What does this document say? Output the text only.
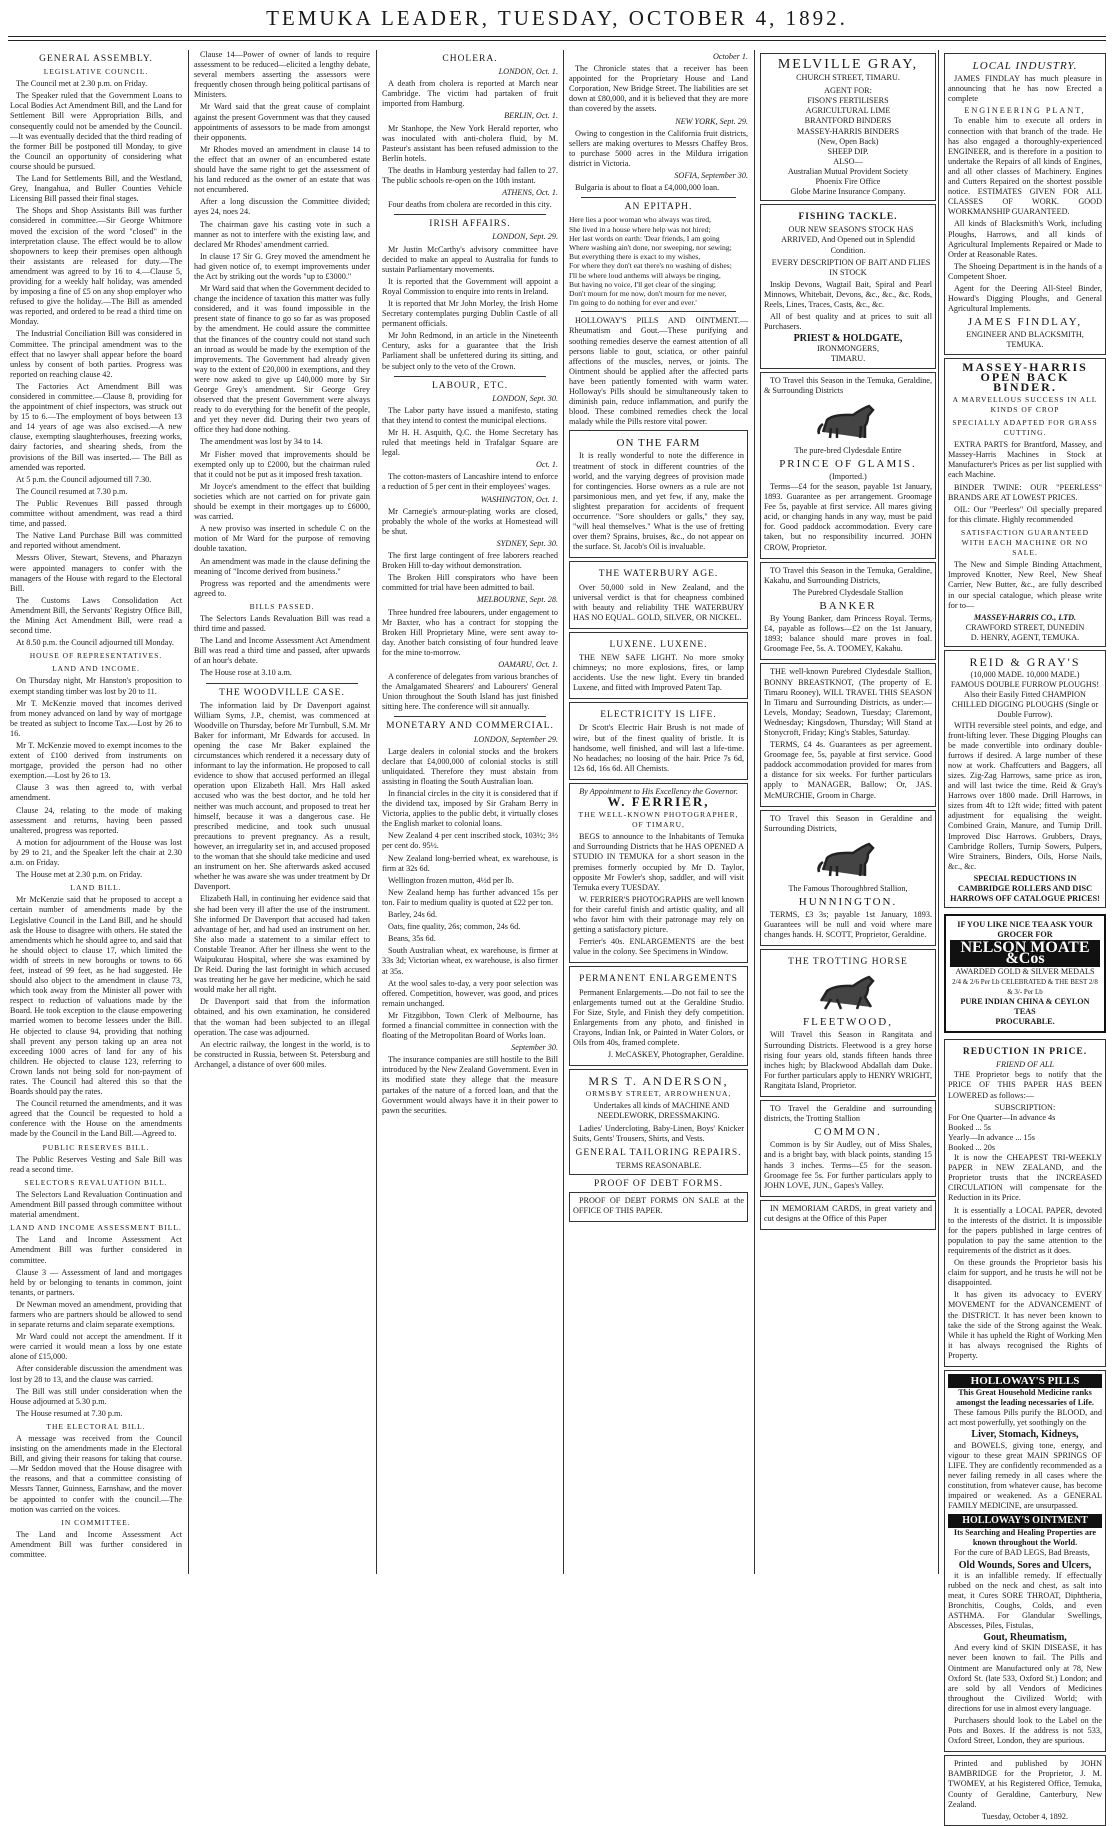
TEMUKA LEADER, TUESDAY, OCTOBER 4, 1892.
GENERAL ASSEMBLY.
LEGISLATIVE COUNCIL.

The Council met at 2.30 p.m. on Friday.

The Speaker ruled that the Government Loans to Local Bodies Act Amendment Bill, and the Land for Settlement Bill were Appropriation Bills, and consequently could not be amended by the Council.—It was eventually decided that the third reading of the former Bill be postponed till Monday, to give the Council an opportunity of considering what course should be pursued.

The Land for Settlements Bill, and the Westland, Grey, Inangahua, and Buller Counties Vehicle Licensing Bill passed their final stages.

The Shops and Shop Assistants Bill was further considered in committee.—Sir George Whitmore moved the excision of the word "closed" in the interpretation clause. The effect would be to allow shopowners to keep their premises open although their assistants are released for duty.—The amendment was agreed to by 16 to 4.—Clause 5, providing for a weekly half holiday, was amended by imposing a fine of £5 on any shop employer who refused to give the holiday.—The Bill as amended was reported, and ordered to be read a third time on Monday.

The Industrial Conciliation Bill was considered in Committee. The principal amendment was to the effect that no lawyer shall appear before the board unless by consent of both parties. Progress was reported on reaching clause 42.

The Factories Act Amendment Bill was considered in committee.—Clause 8, providing for the appointment of chief inspectors, was struck out by 15 to 6.—The employment of boys between 13 and 14 years of age was also excised.—A new clause, exempting slaughterhouses, freezing works, dairy factories, and shearing sheds, from the provisions of the Bill was inserted.— The Bill as amended was reported.

At 5 p.m. the Council adjourned till 7.30.

The Council resumed at 7.30 p.m.

The Public Revenues Bill passed through committee without amendment, was read a third time, and passed.

The Native Land Purchase Bill was committed and reported without amendment.

Messrs Oliver, Stewart, Stevens, and Pharazyn were appointed managers to confer with the managers of the House with regard to the Electoral Bill.

The Customs Laws Consolidation Act Amendment Bill, the Servants' Registry Office Bill, the Mining Act Amendment Bill, were read a second time.

At 8.50 p.m. the Council adjourned till Monday.

HOUSE OF REPRESENTATIVES.
LAND AND INCOME.

On Thursday night, Mr Hanston's proposition to exempt standing timber was lost by 20 to 11.

Mr T. McKenzie moved that incomes derived from money advanced on land by way of mortgage be treated as subject to Income Tax.—Lost by 26 to 16.

Mr T. McKenzie moved to exempt incomes to the extent of £100 derived from instruments on mortgage, provided the person had no other exemption.—Lost by 26 to 13.

Clause 3 was then agreed to, with verbal amendment.

Clause 24, relating to the mode of making assessment and returns, having been passed unaltered, progress was reported.

A motion for adjournment of the House was lost by 29 to 21, and the Speaker left the chair at 2.30 a.m. on Friday.

The House met at 2.30 p.m. on Friday.

LAND BILL.

Mr McKenzie said that he proposed to accept a certain number of amendments made by the Legislative Council in the Land Bill, and he should ask the House to disagree with others. He stated the amendments which he should agree to, and said that he should object to clause 17, which limited the width of streets in new boroughs or towns to 66 feet, instead of 99 feet, as he had suggested. He should also object to the amendment in clause 73, which took away from the Minister all power with respect to reduction of valuations made by the Board. He took exception to the clause empowering married women to become lessees under the Bill. He objected to clause 94, providing that nothing shall prevent any person taking up an area not exceeding 1000 acres of land for any of his children. He objected to clause 123, referring to Crown lands not being sold for non-payment of rates. The Council had altered this so that the Boards should pay the rates.

The Council returned the amendments, and it was agreed that the Council be requested to hold a conference with the House on the amendments made by the Council in the Land Bill.—Agreed to.

PUBLIC RESERVES BILL.

The Public Reserves Vesting and Sale Bill was read a second time.

SELECTORS REVALUATION BILL.

The Selectors Land Revaluation Continuation and Amendment Bill passed through committee without material amendment.

LAND AND INCOME ASSESSMENT BILL.

The Land and Income Assessment Act Amendment Bill was further considered in committee.

Clause 3 — Assessment of land and mortgages held by or belonging to tenants in common, joint tenants, or partners.

Dr Newman moved an amendment, providing that farmers who are partners should be allowed to send in separate returns and claim separate exemptions.

Mr Ward could not accept the amendment. If it were carried it would mean a loss by one estate alone of £15,000.

After considerable discussion the amendment was lost by 28 to 13, and the clause was carried.

The Bill was still under consideration when the House adjourned at 5.30 p.m.

The House resumed at 7.30 p.m.

THE ELECTORAL BILL.

A message was received from the Council insisting on the amendments made in the Electoral Bill, and giving their reasons for taking that course.—Mr Seddon moved that the House disagree with the reasons, and that a committee consisting of Messrs Tanner, Guinness, Earnshaw, and the mover be appointed to confer with the council.—The motion was carried on the voices.

IN COMMITTEE.

The Land and Income Assessment Act Amendment Bill was further considered in committee.

Clause 14—Power of owner of lands to require assessment to be reduced—elicited a lengthy debate, several members asserting the assessors were frequently chosen through being political partisans of Ministers.

Mr Ward said that the great cause of complaint against the present Government was that they caused appointments of assessors to be made from amongst their opponents.

Mr Rhodes moved an amendment in clause 14 to the effect that an owner of an encumbered estate should have the same right to get the assessment of his land reduced as the owner of an estate that was not encumbered.

After a long discussion the Committee divided; ayes 24, noes 24.

The chairman gave his casting vote in such a manner as not to interfere with the existing law, and declared Mr Rhodes' amendment carried.

In clause 17 Sir G. Grey moved the amendment he had given notice of, to exempt improvements under the Act by striking out the words "up to £3000."

Mr Ward said that when the Government decided to change the incidence of taxation this matter was fully considered, and it was found impossible in the present state of finance to go so far as was proposed by the amendment. He could assure the committee that the finances of the country could not stand such an inroad as would be made by the exemption of the improvements. The Government had already given way to the extent of £20,000 in exemptions, and they were now asked to give up £40,000 more by Sir George Grey's amendment. Sir George Grey observed that the present Government were always ready to do everything for the benefit of the people, and yet they never did. During their two years of office they had done nothing.

The amendment was lost by 34 to 14.

Mr Fisher moved that improvements should be exempted only up to £2000, but the chairman ruled that it could not be put as it imposed fresh taxation.

Mr Joyce's amendment to the effect that building societies which are not carried on for private gain should be exempt in their mortgages up to £6000, was carried.

A new proviso was inserted in schedule C on the motion of Mr Ward for the purpose of removing double taxation.

An amendment was made in the clause defining the meaning of "Income derived from business."

Progress was reported and the amendments were agreed to.

BILLS PASSED.

The Selectors Lands Revaluation Bill was read a third time and passed.

The Land and Income Assessment Act Amendment Bill was read a third time and passed, after upwards of an hour's debate.

The House rose at 3.10 a.m.

THE WOODVILLE CASE.

The information laid by Dr Davenport against William Syms, J.P., chemist, was commenced at Woodville on Thursday, before Mr Turnbull, S.M. Mr Baker for informant, Mr Edwards for accused. In opening the case Mr Baker explained the circumstances which rendered it a necessary duty of informant to lay the information. He proposed to call evidence to show that accused performed an illegal operation upon Elizabeth Hall. Mrs Hall asked accused who was the best doctor, and he told her neither was much account, and proposed to treat her himself, because it was a dangerous case. He prescribed medicine, and took such unusual precautions to prevent pregnancy. As a result, however, an irregularity set in, and accused proposed to the woman that she should take medicine and used an instrument on her. She afterwards asked accused whether he was aware she was under treatment by Dr Davenport.

Elizabeth Hall, in continuing her evidence said that she had been very ill after the use of the instrument. She informed Dr Davenport that accused had taken advantage of her, and had used an instrument on her. She also made a statement to a similar effect to Constable Treanor. After her illness she went to the Waipukurau Hospital, where she was examined by Dr Reid. During the last fortnight in which accused was treating her he gave her medicine, which he said would make her all right.

Dr Davenport said that from the information obtained, and his own examination, he considered that the woman had been subjected to an illegal operation. The case was adjourned.

An electric railway, the longest in the world, is to be constructed in Russia, between St. Petersburg and Archangel, a distance of over 600 miles.

CHOLERA.
LONDON, Oct. 1.

A death from cholera is reported at March near Cambridge. The victim had partaken of fruit imported from Hamburg.

BERLIN, Oct. 1.

Mr Stanhope, the New York Herald reporter, who was inoculated with anti-cholera fluid, by M. Pasteur's assistant has been refused admission to the Berlin hotels.

The deaths in Hamburg yesterday had fallen to 27. The public schools re-open on the 10th instant.

ATHENS, Oct. 1.

Four deaths from cholera are recorded in this city.

IRISH AFFAIRS.
LONDON, Sept. 29.

Mr Justin McCarthy's advisory committee have decided to make an appeal to Australia for funds to sustain Parliamentary movements.

It is reported that the Government will appoint a Royal Commission to enquire into rents in Ireland.

It is reported that Mr John Morley, the Irish Home Secretary contemplates purging Dublin Castle of all permanent officials.

Mr John Redmond, in an article in the Nineteenth Century, asks for a guarantee that the Irish Parliament shall be unfettered during its sitting, and be subject only to the veto of the Crown.

LABOUR, ETC.
LONDON, Sept. 30.

The Labor party have issued a manifesto, stating that they intend to contest the municipal elections.

Mr H. H. Asquith, Q.C. the Home Secretary has ruled that meetings held in Trafalgar Square are legal.

Oct. 1.

The cotton-masters of Lancashire intend to enforce a reduction of 5 per cent in their employees' wages.

WASHINGTON, Oct. 1.

Mr Carnegie's armour-plating works are closed, probably the whole of the works at Homestead will be shut.

SYDNEY, Sept. 30.

The first large contingent of free laborers reached Broken Hill to-day without demonstration.

The Broken Hill conspirators who have been committed for trial have been admitted to bail.

MELBOURNE, Sept. 28.

Three hundred free labourers, under engagement to Mr Baxter, who has a contract for stopping the Broken Hill Proprietary Mine, were sent away to-day. Another batch consisting of four hundred leave for the mine to-morrow.

OAMARU, Oct. 1.

A conference of delegates from various branches of the Amalgamated Shearers' and Labourers' General Union throughout the South Island has just finished sitting here. The conference will sit annually.

MONETARY AND COMMERCIAL.
LONDON, September 29.

Large dealers in colonial stocks and the brokers declare that £4,000,000 of colonial stocks is still unliquidated. Therefore they must abstain from assisting in floating the South Australian loan.

In financial circles in the city it is considered that if the dividend tax, imposed by Sir Graham Berry in Victoria, applies to the public debt, it virtually closes the English market to colonial loans.

New Zealand 4 per cent inscribed stock, 103½; 3½ per cent do. 95½.

New Zealand long-berried wheat, ex warehouse, is firm at 32s 6d.

Wellington frozen mutton, 4½d per lb.

New Zealand hemp has further advanced 15s per ton. Fair to medium quality is quoted at £22 per ton.

Barley, 24s 6d.

Oats, fine quality, 26s; common, 24s 6d.

Beans, 35s 6d.

South Australian wheat, ex warehouse, is firmer at 33s 3d; Victorian wheat, ex warehouse, is also firmer at 35s.

At the wool sales to-day, a very poor selection was offered. Competition, however, was good, and prices remain unchanged.

Mr Fitzgibbon, Town Clerk of Melbourne, has formed a financial committee in connection with the floating of the Metropolitan Board of Works loan.

September 30.

The insurance companies are still hostile to the Bill introduced by the New Zealand Government. Even in its modified state they allege that the measure partakes of the nature of a forced loan, and that the Government would always have it in their power to pawn the securities.

October 1.

The Chronicle states that a receiver has been appointed for the Proprietary House and Land Corporation, New Bridge Street. The liabilities are set down at £80,000, and it is believed that they are more than covered by the assets.

NEW YORK, Sept. 29.

Owing to congestion in the California fruit districts, sellers are making overtures to Messrs Chaffey Bros. to purchase 5000 acres in the Mildura irrigation district in Victoria.

SOFIA, September 30.

Bulgaria is about to float a £4,000,000 loan.

AN EPITAPH.
Here lies a poor woman who always was tired,
She lived in a house where help was not hired;
Her last words on earth: 'Dear friends, I am going
Where washing ain't done, nor sweeping, nor sewing;
But everything there is exact to my wishes,
For where they don't eat there's no washing of dishes;
I'll be where loud anthems will always be ringing,
But having no voice, I'll get clear of the singing;
Don't mourn for me now, don't mourn for me never,
I'm going to do nothing for ever and ever.'

HOLLOWAY'S PILLS AND OINTMENT.—Rheumatism and Gout.—These purifying and soothing remedies deserve the earnest attention of all persons liable to gout, sciatica, or other painful affections of the muscles, nerves, or joints. The Ointment should be applied after the affected parts have been patiently fomented with warm water. Holloway's Pills should be simultaneously taken to diminish pain, reduce inflammation, and purify the blood. These combined remedies check the local malady while the Pills restore vital power.

ON THE FARM

It is really wonderful to note the difference in treatment of stock in different countries of the world, and the varying degrees of provision made for contingencies. Horse owners as a rule are not parsimonious men, and yet few, if any, make the slightest preparation for accidents of frequent occurrence. "Sore shoulders or galls," they say, "will heal themselves." What is the use of fretting over them? Sprains, bruises, &c., do not appear on the surface. St. Jacob's Oil is invaluable.

THE WATERBURY AGE.

Over 50,000 sold in New Zealand, and the universal verdict is that for cheapness combined with beauty and reliability THE WATERBURY HAS NO EQUAL. GOLD, SILVER, OR NICKEL.

LUXENE. LUXENE.

THE NEW SAFE LIGHT. No more smoky chimneys; no more explosions, fires, or lamp accidents. Use the new light. Every tin branded Luxene, and fitted with Improved Patent Tap.

ELECTRICITY IS LIFE.

Dr Scott's Electric Hair Brush is not made of wire, but of the finest quality of bristle. It is handsome, well finished, and will last a life-time. No headaches; no loosing of the hair. Price 7s 6d, 12s 6d, 16s 6d. All Chemists.

By Appointment to His Excellency the Governor.
W. FERRIER,
THE WELL-KNOWN PHOTOGRAPHER, OF TIMARU,

BEGS to announce to the Inhabitants of Temuka and Surrounding Districts that he HAS OPENED A STUDIO IN TEMUKA for a short season in the premises formerly occupied by Mr D. Taylor, opposite Mr Fowler's shop, saddler, and will visit Temuka every TUESDAY.

W. FERRIER'S PHOTOGRAPHS are well known for their careful finish and artistic quality, and all who favor him with their patronage may rely on getting a satisfactory picture.

Ferrier's 40s. ENLARGEMENTS are the best value in the colony. See Specimens in Window.

PERMANENT ENLARGEMENTS

Permanent Enlargements.—Do not fail to see the enlargements turned out at the Geraldine Studio. For Size, Style, and Finish they defy competition. Enlargements from any photo, and finished in Crayons, Indian Ink, or Painted in Water Colors, or Oils from 40s, framed complete.

J. McCASKEY, Photographer, Geraldine.

MRS T. ANDERSON,
ORMSBY STREET, ARROWHENUA,

Undertakes all kinds of MACHINE AND NEEDLEWORK, DRESSMAKING.

Ladies' Undercloting, Baby-Linen, Boys' Knicker Suits, Gents' Trousers, Shirts, and Vests.

GENERAL TAILORING REPAIRS.
TERMS REASONABLE.
PROOF OF DEBT FORMS.

PROOF OF DEBT FORMS ON SALE at the OFFICE OF THIS PAPER.

MELVILLE GRAY,
CHURCH STREET, TIMARU.
AGENT FOR:
FISON'S FERTILISERS
AGRICULTURAL LIME
BRANTFORD BINDERS
MASSEY-HARRIS BINDERS
(New, Open Back)
SHEEP DIP.
ALSO—
Australian Mutual Provident Society
Phoenix Fire Office
Globe Marine Insurance Company.
FISHING TACKLE.

OUR NEW SEASON'S STOCK HAS ARRIVED, And Opened out in Splendid Condition.

EVERY DESCRIPTION OF BAIT AND FLIES IN STOCK

Inskip Devons, Wagtail Bait, Spiral and Pearl Minnows, Whitebait, Devons, &c., &c., &c. Rods, Reels, Lines, Traces, Casts, &c., &c.

All of best quality and at prices to suit all Purchasers.

PRIEST & HOLDGATE,
IRONMONGERS,
TIMARU.

TO Travel this Season in the Temuka, Geraldine, & Surrounding Districts

The pure-bred Clydesdale Entire
PRINCE OF GLAMIS.
(Imported.)

Terms—£4 for the season, payable 1st January, 1893. Guarantee as per arrangement. Groomage Fee 5s, payable at first service. All mares giving acid, or changing hands in any way, must be paid for. Good paddock accommodation. Every care taken, but no responsibility incurred. JOHN CROW, Proprietor.

TO Travel this Season in the Temuka, Geraldine, Kakahu, and Surrounding Districts,

The Purebred Clydesdale Stallion
BANKER

By Young Banker, dam Princess Royal. Terms, £4, payable as follows—£2 on the 1st January, 1893; balance should mare proves in foal. Groomage Fee, 5s. A. TOOMEY, Kakahu.

THE well-known Purebred Clydesdale Stallion, BONNY BREASTKNOT, (The property of E. Timaru Rooney), WILL TRAVEL THIS SEASON In Timaru and Surrounding Districts, as under:— Levels, Monday; Seadown, Tuesday; Claremont, Wednesday; Kingsdown, Thursday; Will Stand at Stonycroft, Friday; King's Stables, Saturday.

TERMS, £4 4s. Guarantees as per agreement. Groomage fee, 5s, payable at first service. Good paddock accommodation provided for mares from a distance for six weeks. For further particulars apply to MANAGER, Ballow; Or, JAS. McMURCHIE, Groom in Charge.

TO Travel this Season in Geraldine and Surrounding Districts,

The Famous Thoroughbred Stallion,
HUNNINGTON.

TERMS, £3 3s; payable 1st January, 1893. Guarantees will be null and void where mare changes hands. H. SCOTT, Proprietor, Geraldine.

THE TROTTING HORSE
FLEETWOOD,

Will Travel this Season in Rangitata and Surrounding Districts. Fleetwood is a grey horse rising four years old, stands fifteen hands three inches high; by Blackwood Abdallah dam Duke. For further particulars apply to HENRY WRIGHT, Rangitata Island, Proprietor.

TO Travel the Geraldine and surrounding districts, the Trotting Stallion

COMMON.

Common is by Sir Audley, out of Miss Shales, and is a bright bay, with black points, standing 15 hands 3 inches. Terms—£5 for the season. Groomage fee 5s. For further particulars apply to JOHN LOVE, JUN., Gapes's Valley.

IN MEMORIAM CARDS, in great variety and cut designs at the Office of this Paper

LOCAL INDUSTRY.

JAMES FINDLAY has much pleasure in announcing that he has now Erected a complete

ENGINEERING PLANT,

To enable him to execute all orders in connection with that branch of the trade. He has also engaged a thoroughly-experienced ENGINEER, and is therefore in a position to undertake the Repairs of all kinds of Engines, and all other classes of Machinery. Engines and Cutters Repaired on the shortest possible notice. ESTIMATES GIVEN FOR ALL CLASSES OF WORK. GOOD WORKMANSHIP GUARANTEED.

All kinds of Blacksmith's Work, including Ploughs, Harrows, and all kinds of Agricultural Implements Repaired or Made to Order at Reasonable Rates.

The Shoeing Department is in the hands of a Competent Shoer.

Agent for the Deering All-Steel Binder, Howard's Digging Ploughs, and General Agricultural Implements.

JAMES FINDLAY,
ENGINEER AND BLACKSMITH, TEMUKA.
MASSEY-HARRIS OPEN BACK BINDER.
A MARVELLOUS SUCCESS IN ALL KINDS OF CROP
SPECIALLY ADAPTED FOR GRASS CUTTING.

EXTRA PARTS for Brantford, Massey, and Massey-Harris Machines in Stock at Manufacturer's Prices as per list supplied with each Machine.

BINDER TWINE: OUR "PEERLESS" BRANDS ARE AT LOWEST PRICES.

OIL: Our "Peerless" Oil specially prepared for this climate. Highly recommended

SATISFACTION GUARANTEED WITH EACH MACHINE OR NO SALE.

The New and Simple Binding Attachment, Improved Knotter, New Reel, New Sheaf Carrier, New Butter, &c., are fully described in our special catalogue, which please write for to—

MASSEY-HARRIS CO., LTD.
CRAWFORD STREET, DUNEDIN
D. HENRY, AGENT, TEMUKA.
REID & GRAY'S
(10,000 MADE. 10,000 MADE.)
FAMOUS DOUBLE FURROW PLOUGHS!
Also their Easily Fitted CHAMPION CHILLED DIGGING PLOUGHS (Single or Double Furrow).

WITH reversible steel points, and edge, and front-lifting lever. These Digging Ploughs can be made convertible into ordinary double-furrows if desired. A large number of these now at work. Chaffcutters and Baggers, all sizes. Zig-Zag Harrows, same price as iron, and will last twice the time. Reid & Gray's Harrows over 1800 made. Drill Harrows, in sizes from 4ft to 12ft wide; fitted with patent adjustment for equalising the weight. Combined Grain, Manure, and Turnip Drill. Improved Disc Harrows. Grubbers, Drays, Cambridge Rollers, Turnip Sowers, Pulpers, Wire Strainers, Binders, Oils, Horse Nails, &c., &c.

SPECIAL REDUCTIONS IN CAMBRIDGE ROLLERS AND DISC HARROWS OFF CATALOGUE PRICES!
IF YOU LIKE NICE TEA ASK YOUR GROCER FOR
NELSON MOATE &Cos
AWARDED GOLD & SILVER MEDALS
2/4 & 2/6 Per Lb CELEBRATED & THE BEST 2/8 & 3/- Per Lb
PURE INDIAN CHINA & CEYLON TEAS
PROCURABLE.
REDUCTION IN PRICE.
FRIEND OF ALL

THE Proprietor begs to notify that the PRICE OF THIS PAPER HAS BEEN LOWERED as follows:—

SUBSCRIPTION:
For One Quarter—In advance 4s
Booked ... 5s
Yearly—In advance ... 15s
Booked ... 20s

It is now the CHEAPEST TRI-WEEKLY PAPER in NEW ZEALAND, and the Proprietor trusts that the INCREASED CIRCULATION will compensate for the Reduction in its Price.

It is essentially a LOCAL PAPER, devoted to the interests of the district. It is impossible for the papers published in large centres of population to pay the same attention to the requirements of the district as it does.

On these grounds the Proprietor basis his claim for support, and he trusts he will not be disappointed.

It has given its advocacy to EVERY MOVEMENT for the ADVANCEMENT of the DISTRICT. It has never been known to take the side of the Strong against the Weak. While it has upheld the Right of Working Men it has always recognised the Rights of Property.

HOLLOWAY'S PILLS
This Great Household Medicine ranks amongst the leading necessaries of Life.

These famous Pills purify the BLOOD, and act most powerfully, yet soothingly on the

Liver, Stomach, Kidneys,

and BOWELS, giving tone, energy, and vigour to these great MAIN SPRINGS OF LIFE. They are confidently recommended as a never failing remedy in all cases where the constitution, from whatever cause, has become impaired or weakened. As a GENERAL FAMILY MEDICINE, are unsurpassed.

HOLLOWAY'S OINTMENT
Its Searching and Healing Properties are known throughout the World.

For the cure of BAD LEGS, Bad Breasts,

Old Wounds, Sores and Ulcers,

it is an infallible remedy. If effectually rubbed on the neck and chest, as salt into meat, it Cures SORE THROAT, Diphtheria, Bronchitis, Coughs, Colds, and even ASTHMA. For Glandular Swellings, Abscesses, Piles, Fistulas,

Gout, Rheumatism,

And every kind of SKIN DISEASE, it has never been known to fail. The Pills and Ointment are Manufactured only at 78, New Oxford St. (late 533, Oxford St.) London; and are sold by all Vendors of Medicines throughout the Civilized World; with directions for use in almost every language.

Purchasers should look to the Label on the Pots and Boxes. If the address is not 533, Oxford Street, London, they are spurious.

Printed and published by JOHN BAMBRIDGE for the Proprietor, J. M. TWOMEY, at his Registered Office, Temuka, County of Geraldine, Canterbury, New Zealand.

Tuesday, October 4, 1892.
